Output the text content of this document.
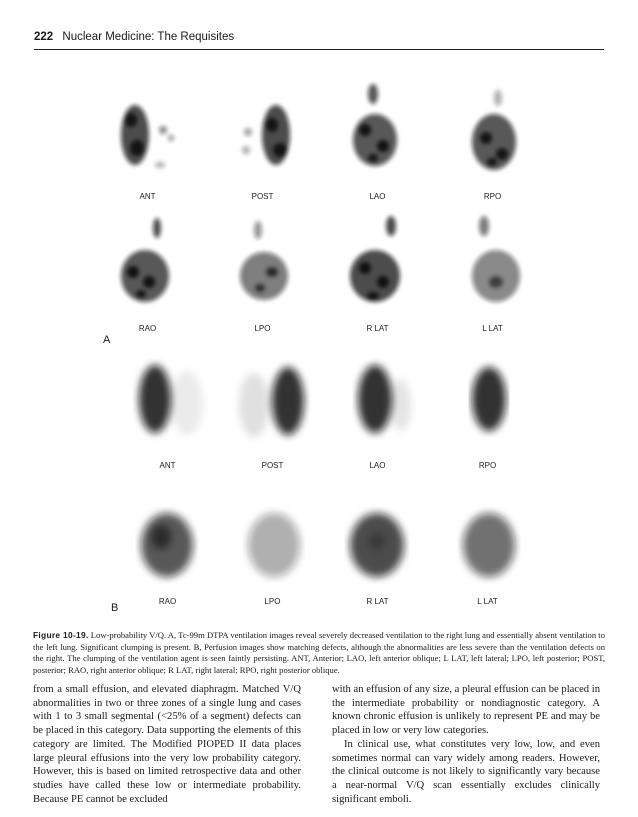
222 Nuclear Medicine: The Requisites
ANT	POST	LAO	RPO
RAO	LPO	R LAT	L LAT
A
ANT	POST	LAO	RPO
RAO	LPO	R LAT	L LAT
B
Figure 10-19. Low-probability V/Q. A, Tc-99m DTPA ventilation images reveal severely decreased ventilation to the right lung and essentially absent ventilation to the left lung. Significant clumping is present. B, Perfusion images show matching defects, although the abnormalities are less severe than the ventilation defects on the right. The clumping of the ventilation agent is seen faintly persisting. ANT, Anterior; LAO, left anterior oblique; L LAT, left lateral; LPO, left posterior; POST, posterior; RAO, right anterior oblique; R LAT, right lateral; RPO, right posterior oblique.

from a small effusion, and elevated diaphragm. Matched V/Q abnormalities in two or three zones of a single lung and cases with 1 to 3 small segmental (<25% of a segment) defects can be placed in this category. Data supporting the elements of this category are limited. The Modified PIOPED II data places large pleural effusions into the very low probability category. However, this is based on limited retrospective data and other studies have called these low or intermediate probability. Because PE cannot be excluded

with an effusion of any size, a pleural effusion can be placed in the intermediate probability or nondiagnostic category. A known chronic effusion is unlikely to represent PE and may be placed in low or very low categories.

In clinical use, what constitutes very low, low, and even sometimes normal can vary widely among readers. However, the clinical outcome is not likely to significantly vary because a near-normal V/Q scan essentially excludes clinically significant emboli.
